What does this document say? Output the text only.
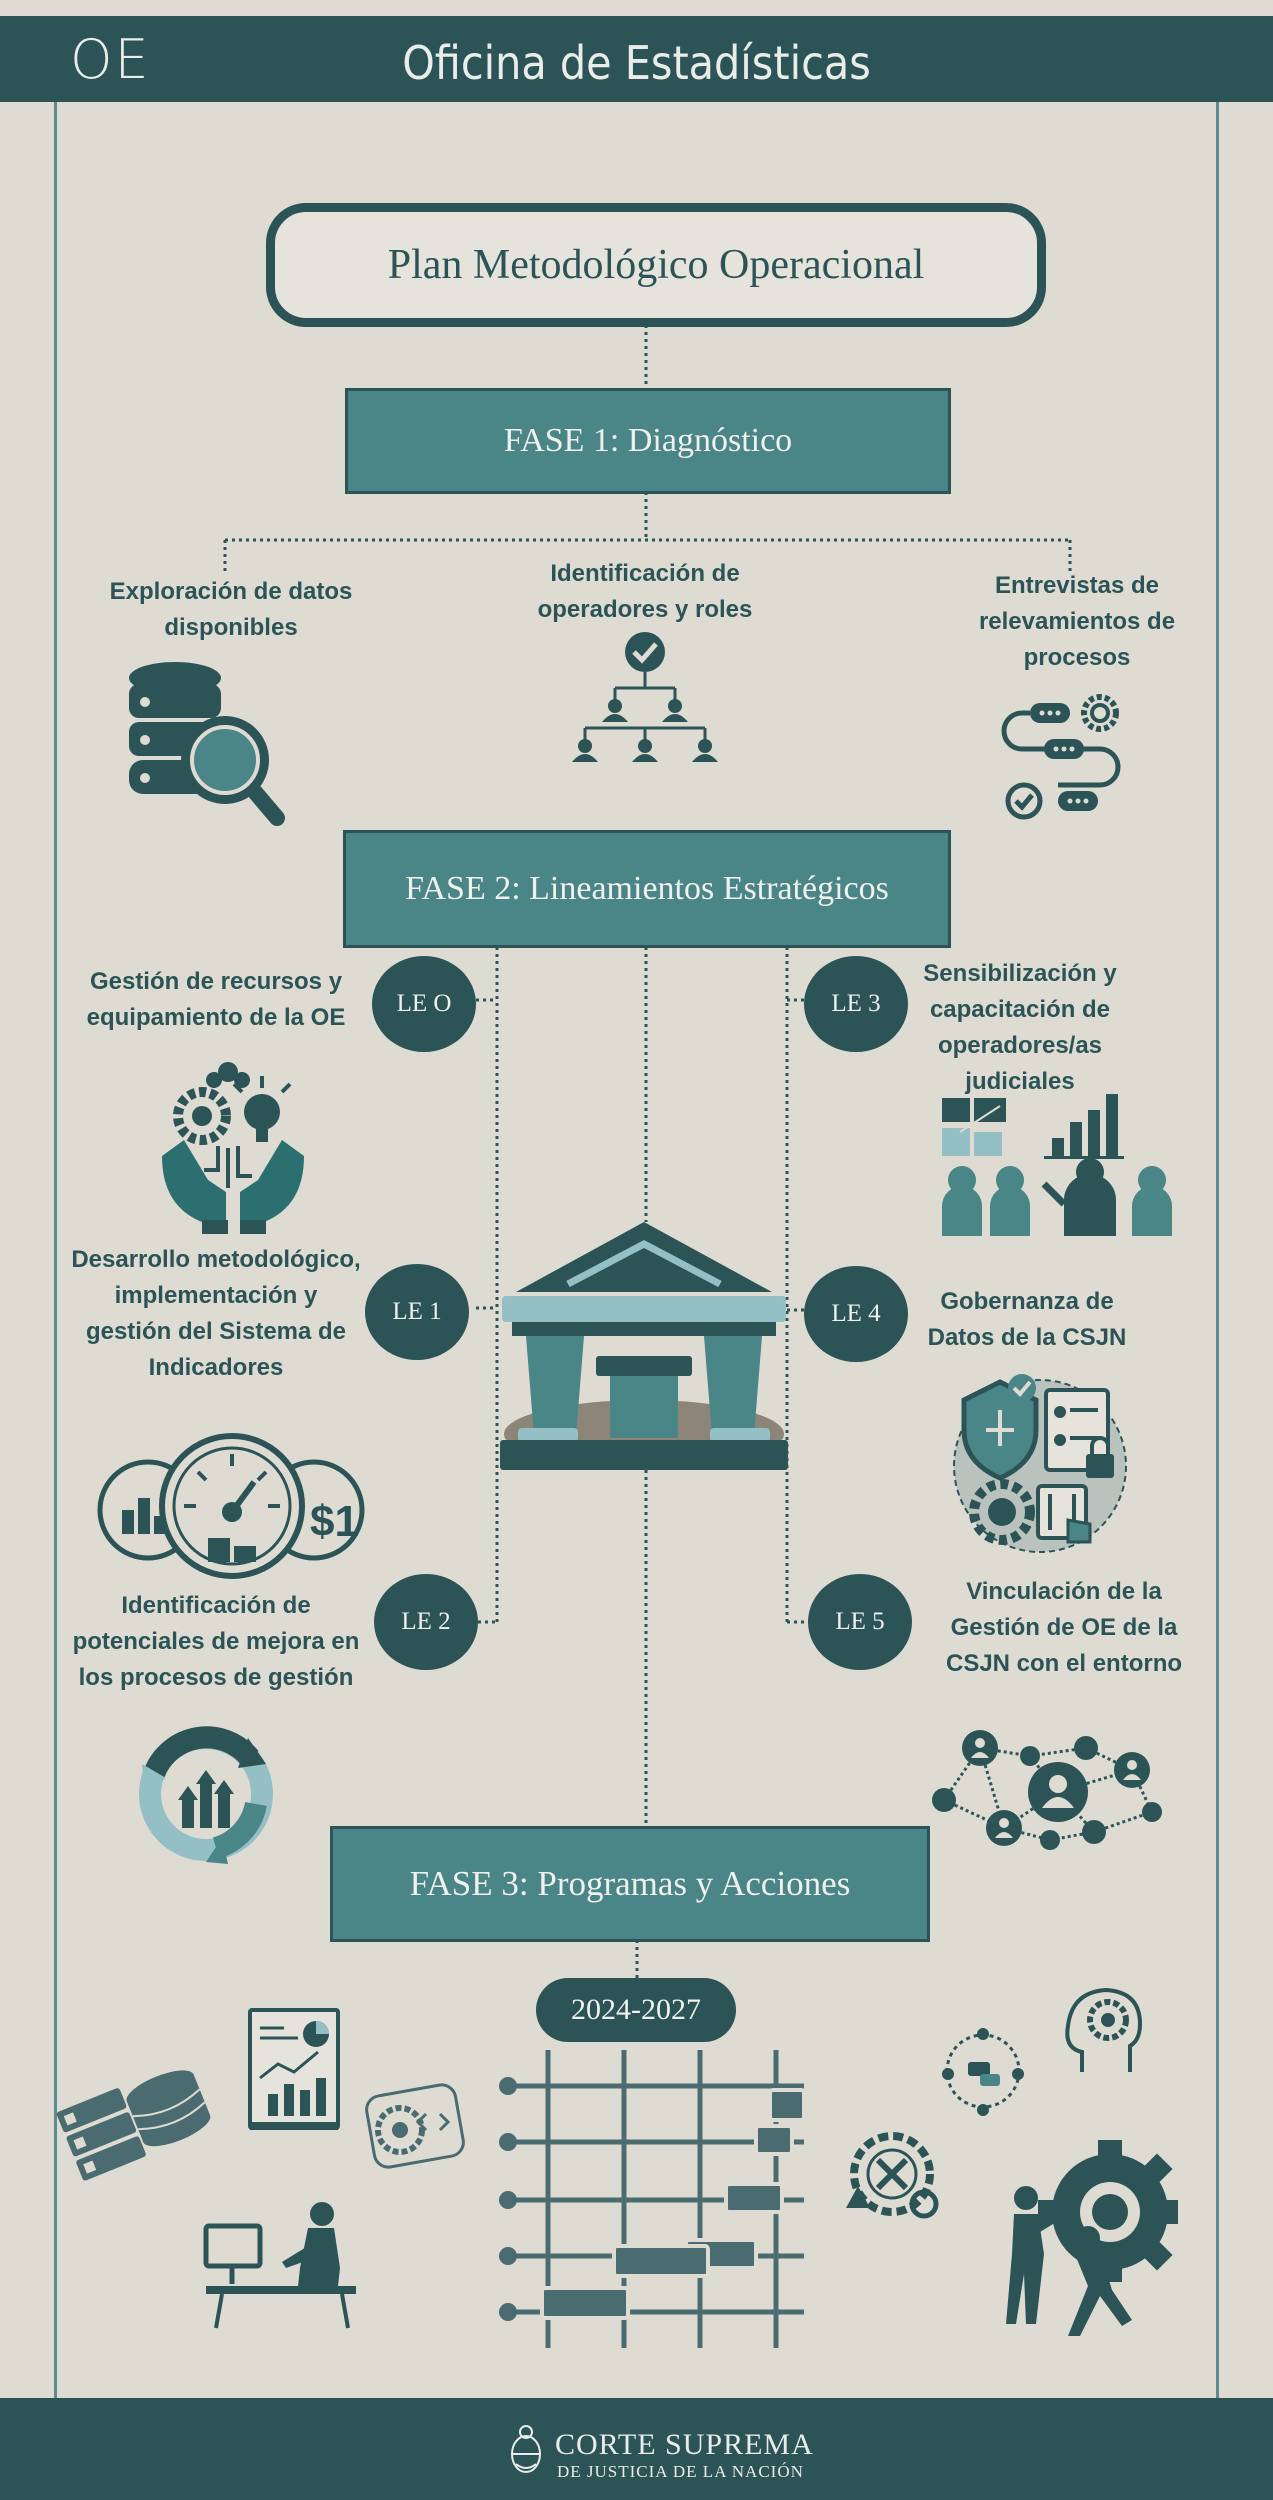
OE	Oficina de Estadísticas
Plan Metodológico Operacional
FASE 1: Diagnóstico
Exploración de datos disponibles
Identificación de operadores y roles
Entrevistas de relevamientos de procesos
FASE 2: Lineamientos Estratégicos
LE O
LE 1
LE 2
LE 3
LE 4
LE 5
Gestión de recursos y equipamiento de la OE
Desarrollo metodológico, implementación y gestión del Sistema de Indicadores
Identificación de potenciales de mejora en los procesos de gestión
Sensibilización y capacitación de operadores/as judiciales
Gobernanza de Datos de la CSJN
Vinculación de la Gestión de OE de la CSJN con el entorno
$1
FASE 3: Programas y Acciones
2024-2027
CORTE SUPREMA
DE JUSTICIA DE LA NACIÓN
